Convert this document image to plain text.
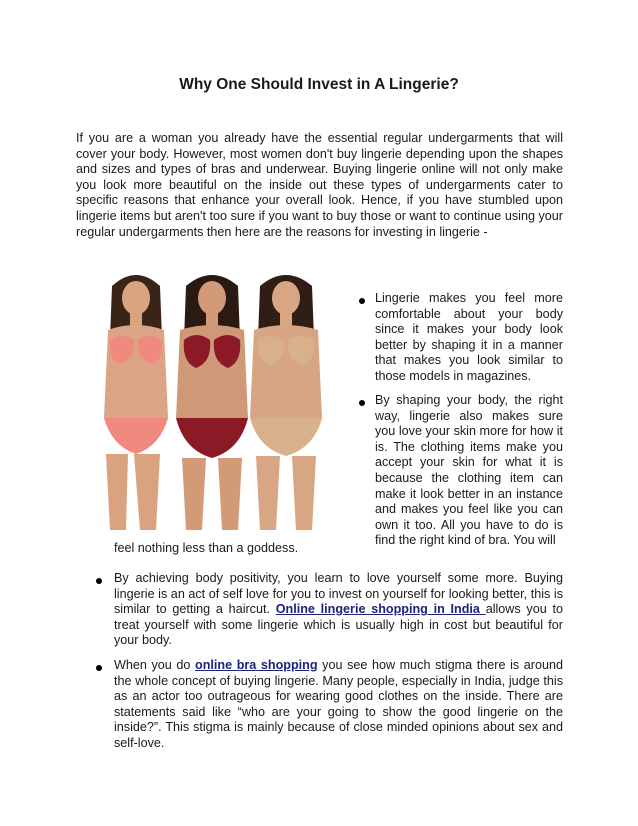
Why One Should Invest in A Lingerie?

If you are a woman you already have the essential regular undergarments that will cover your body. However, most women don't buy lingerie depending upon the shapes and sizes and types of bras and underwear. Buying lingerie online will not only make you look more beautiful on the inside out these types of undergarments cater to specific reasons that enhance your overall look. Hence, if you have stumbled upon lingerie items but aren't too sure if you want to buy those or want to continue using your regular undergarments then here are the reasons for investing in lingerie -

Lingerie makes you feel more comfortable about your body since it makes your body look better by shaping it in a manner that makes you look similar to those models in magazines.
By shaping your body, the right way, lingerie also makes sure you love your skin more for how it is. The clothing items make you accept your skin for what it is because the clothing item can make it look better in an instance and makes you feel like you can own it too. All you have to do is find the right kind of bra. You will
feel nothing less than a goddess.
By achieving body positivity, you learn to love yourself some more. Buying lingerie is an act of self love for you to invest on yourself for looking better, this is similar to getting a haircut. Online lingerie shopping in India allows you to treat yourself with some lingerie which is usually high in cost but beautiful for your body.
When you do online bra shopping you see how much stigma there is around the whole concept of buying lingerie. Many people, especially in India, judge this as an actor too outrageous for wearing good clothes on the inside. There are statements said like “who are your going to show the good lingerie on the inside?”. This stigma is mainly because of close minded opinions about sex and self-love.
